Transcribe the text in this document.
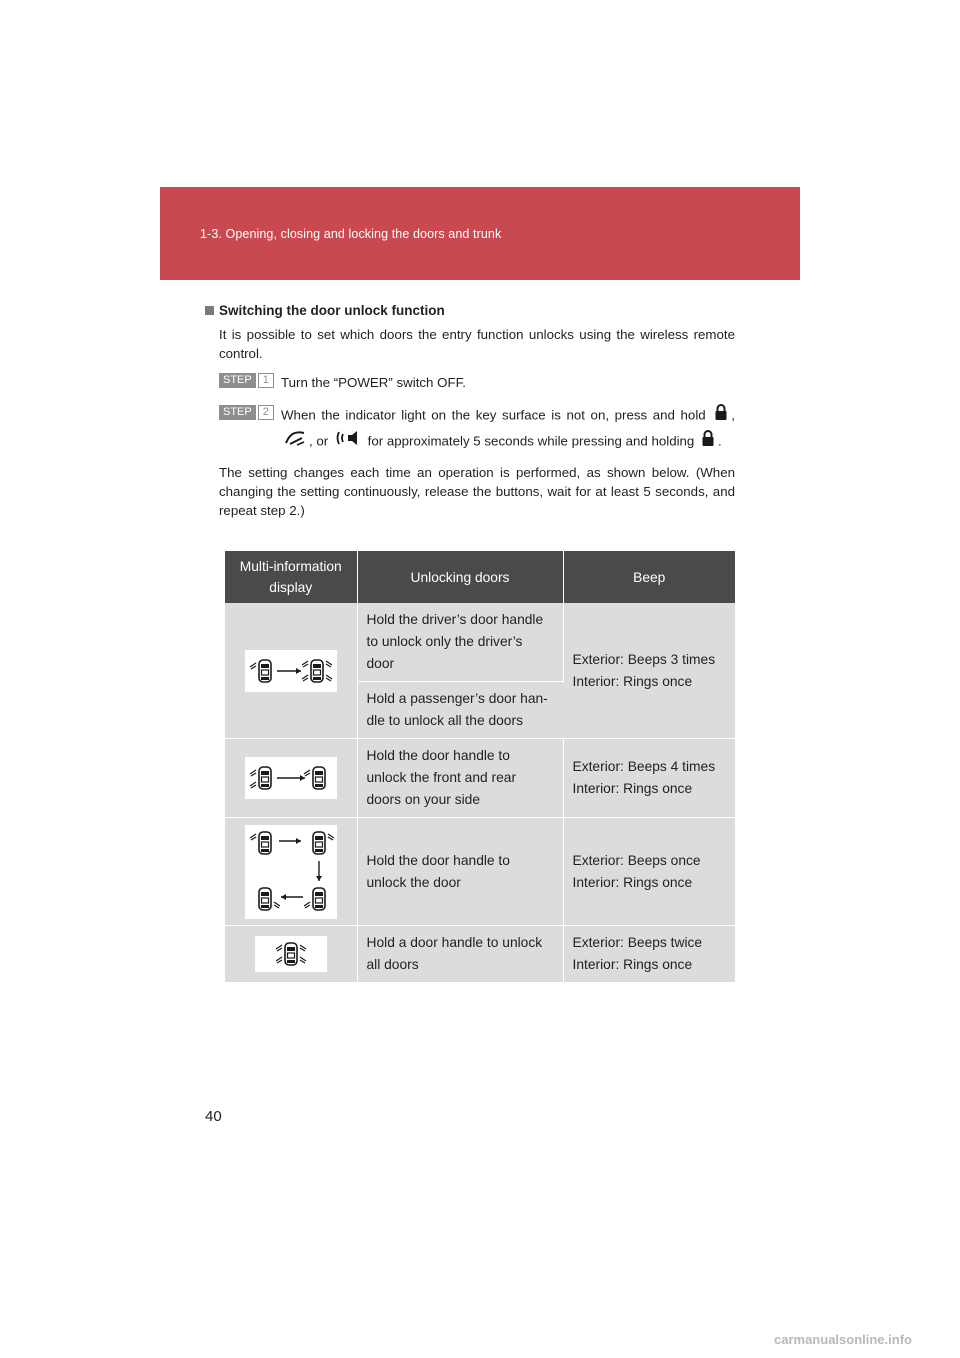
1-3. Opening, closing and locking the doors and trunk
Switching the door unlock function
It is possible to set which doors the entry function unlocks using the wireless remote control.
STEP	1 Turn the “POWER” switch OFF.
STEP	2 When the indicator light on the key surface is not on, press and hold , , or	for approximately 5 seconds while pressing and holding .
The setting changes each time an operation is performed, as shown below. (When changing the setting continuously, release the buttons, wait for at least 5 seconds, and repeat step 2.)
Multi-information display	Unlocking doors	Beep
	Hold the driver’s door handle to unlock only the driver’s door	Exterior: Beeps 3 times
Interior: Rings once

	Hold a passenger’s door han-dle to unlock all the doors	
	Hold the door handle to unlock the front and rear doors on your side	Exterior: Beeps 4 times
Interior: Rings once

	Hold the door handle to unlock the door	Exterior: Beeps once
Interior: Rings once

	Hold a door handle to unlock all doors	Exterior: Beeps twice
Interior: Rings once
40
carmanualsonline.info
